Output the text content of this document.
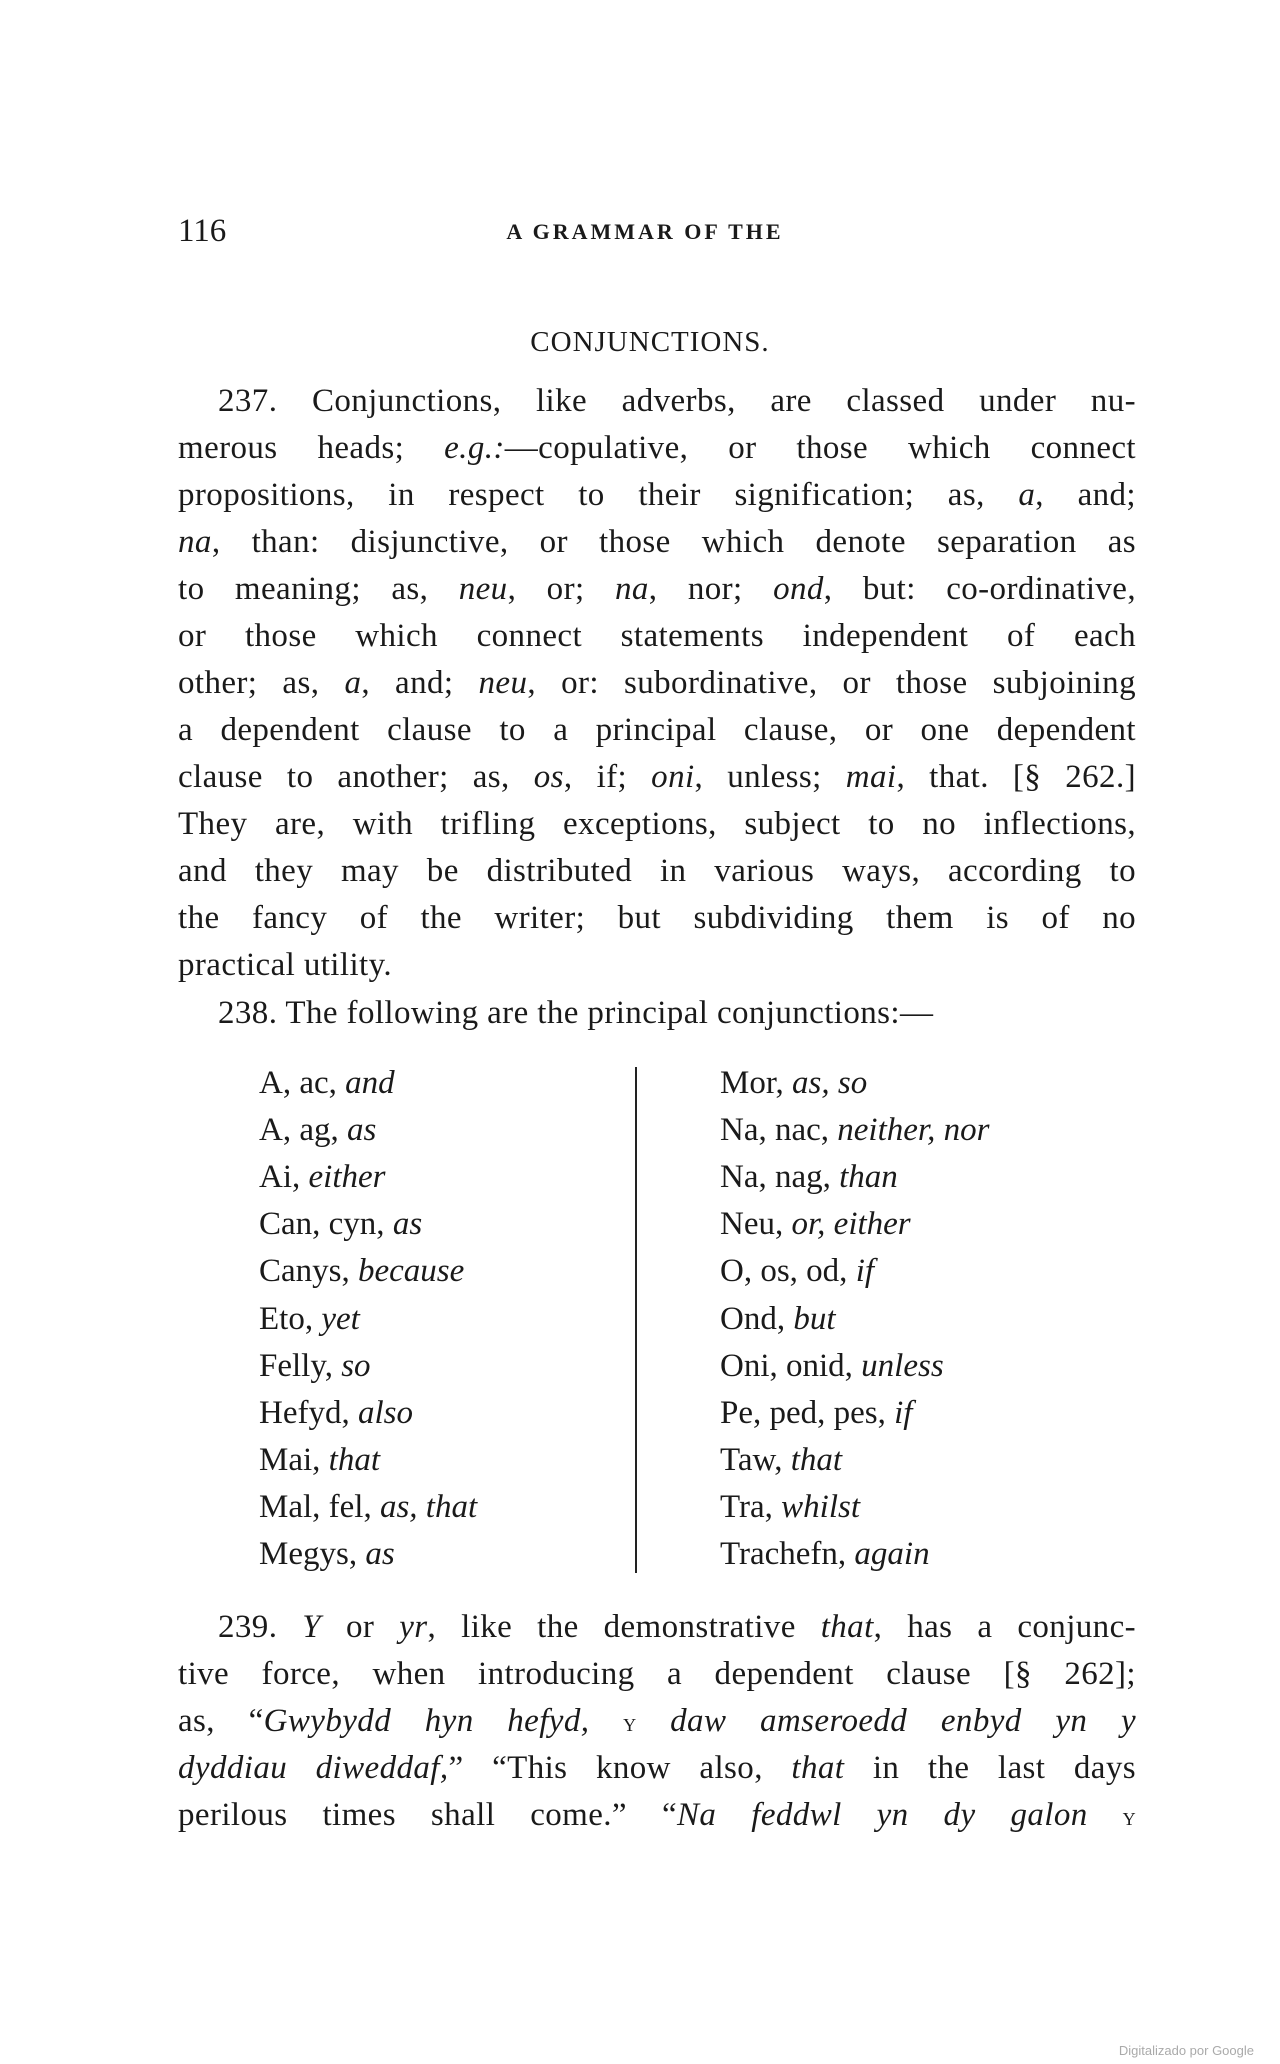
116	A GRAMMAR OF THE
CONJUNCTIONS.
237. Conjunctions, like adverbs, are classed under nu-
merous heads; e.g.:—copulative, or those which connect
propositions, in respect to their signification; as, a, and;
na, than: disjunctive, or those which denote separation as
to meaning; as, neu, or; na, nor; ond, but: co-ordinative,
or those which connect statements independent of each
other; as, a, and; neu, or: subordinative, or those subjoining
a dependent clause to a principal clause, or one dependent
clause to another; as, os, if; oni, unless; mai, that. [§ 262.]
They are, with trifling exceptions, subject to no inflections,
and they may be distributed in various ways, according to
the fancy of the writer; but subdividing them is of no
practical utility.
238. The following are the principal conjunctions:—
A, ac, and
A, ag, as
Ai, either
Can, cyn, as
Canys, because
Eto, yet
Felly, so
Hefyd, also
Mai, that
Mal, fel, as, that
Megys, as
Mor, as, so
Na, nac, neither, nor
Na, nag, than
Neu, or, either
O, os, od, if
Ond, but
Oni, onid, unless
Pe, ped, pes, if
Taw, that
Tra, whilst
Trachefn, again
239. Y or yr, like the demonstrative that, has a conjunc-
tive force, when introducing a dependent clause [§ 262];
as, “Gwybydd hyn hefyd, y daw amseroedd enbyd yn y
dyddiau diweddaf,” “This know also, that in the last days
perilous times shall come.” “Na feddwl yn dy galon y
Digitalizado por Google
